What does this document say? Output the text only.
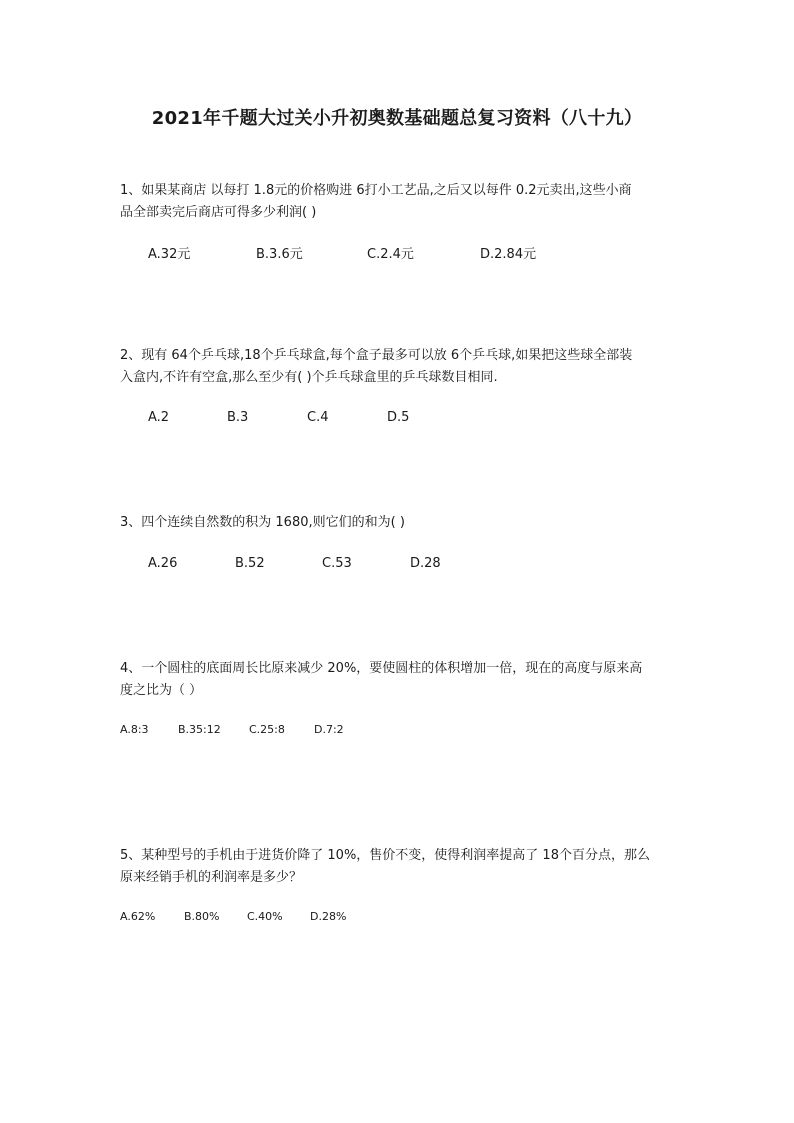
2021年千题大过关小升初奥数基础题总复习资料（八十九）
1、如果某商店 以每打 1.8元的价格购进 6打小工艺品,之后又以每件 0.2元卖出,这些小商
品全部卖完后商店可得多少利润( )
A.32元	B.3.6元	C.2.4元	D.2.84元
2、现有 64个乒乓球,18个乒乓球盒,每个盒子最多可以放 6个乒乓球,如果把这些球全部装
入盒内,不许有空盒,那么至少有( )个乒乓球盒里的乒乓球数目相同.
A.2	B.3	C.4	D.5
3、四个连续自然数的积为 1680,则它们的和为( )
A.26	B.52	C.53	D.28
4、一个圆柱的底面周长比原来减少 20%，要使圆柱的体积增加一倍，现在的高度与原来高
度之比为（ ）
A.8:3	B.35:12	C.25:8	D.7:2
5、某种型号的手机由于进货价降了 10%，售价不变，使得利润率提高了 18个百分点，那么
原来经销手机的利润率是多少？
A.62%	B.80%	C.40% D.28%
